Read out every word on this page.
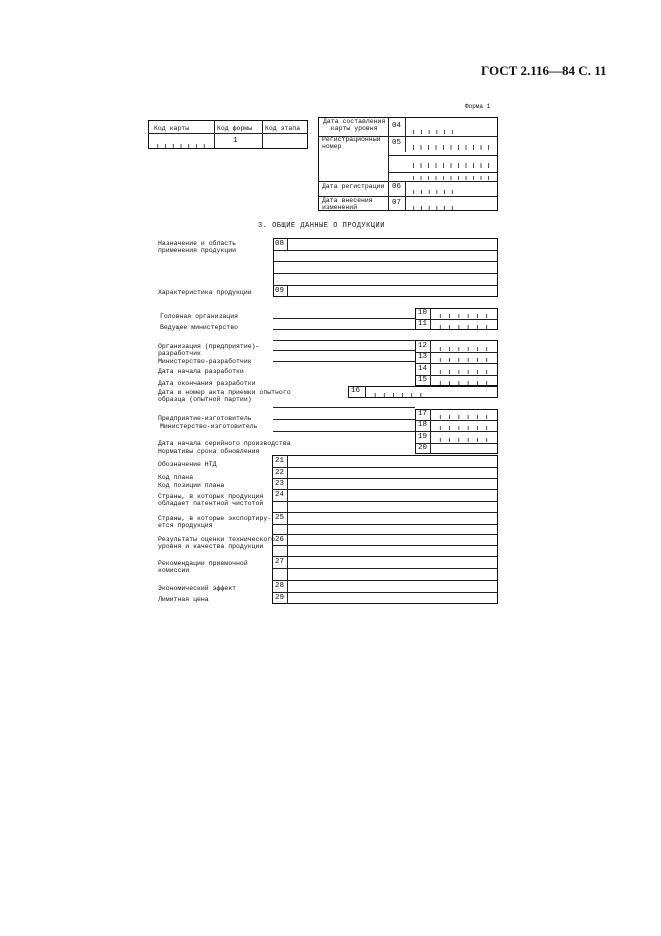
ГОСТ 2.116—84 С. 11
Форма 1
Код карты	Код формы Код этапа
1
Дата составления
карты уровня
Регистрационный
номер
Дата регистрации
Дата внесения
изменений
04
05
06
07
3. ОБЩИЕ ДАННЫЕ О ПРОДУКЦИИ
Назначение и область
применения продукции
08
09
Характеристика продукции
Головная организация
Ведущее министерство
10
11
Организация (предприятие)–
разработчик
Министерство-разработчик
Дата начала разработки
Дата окончания разработки
12
13
14
15
Дата и номер акта приемки опытного
образца (опытной партии)
16
Предприятие-изготовитель
Министерство-изготовитель
Дата начала серийного производства
Нормативы срока обновления
17
18
19
20
21
22
23
24
25
26
27
28
29
Обозначение НТД
Код плана
Код позиции плана
Страны, в которых продукция
обладает патентной чистотой
Страны, в которые экспортиру-
ется продукция
Результаты оценки технического
уровня и качества продукции
Рекомендации приемочной
комиссии
Экономический эффект
Лимитная цена
